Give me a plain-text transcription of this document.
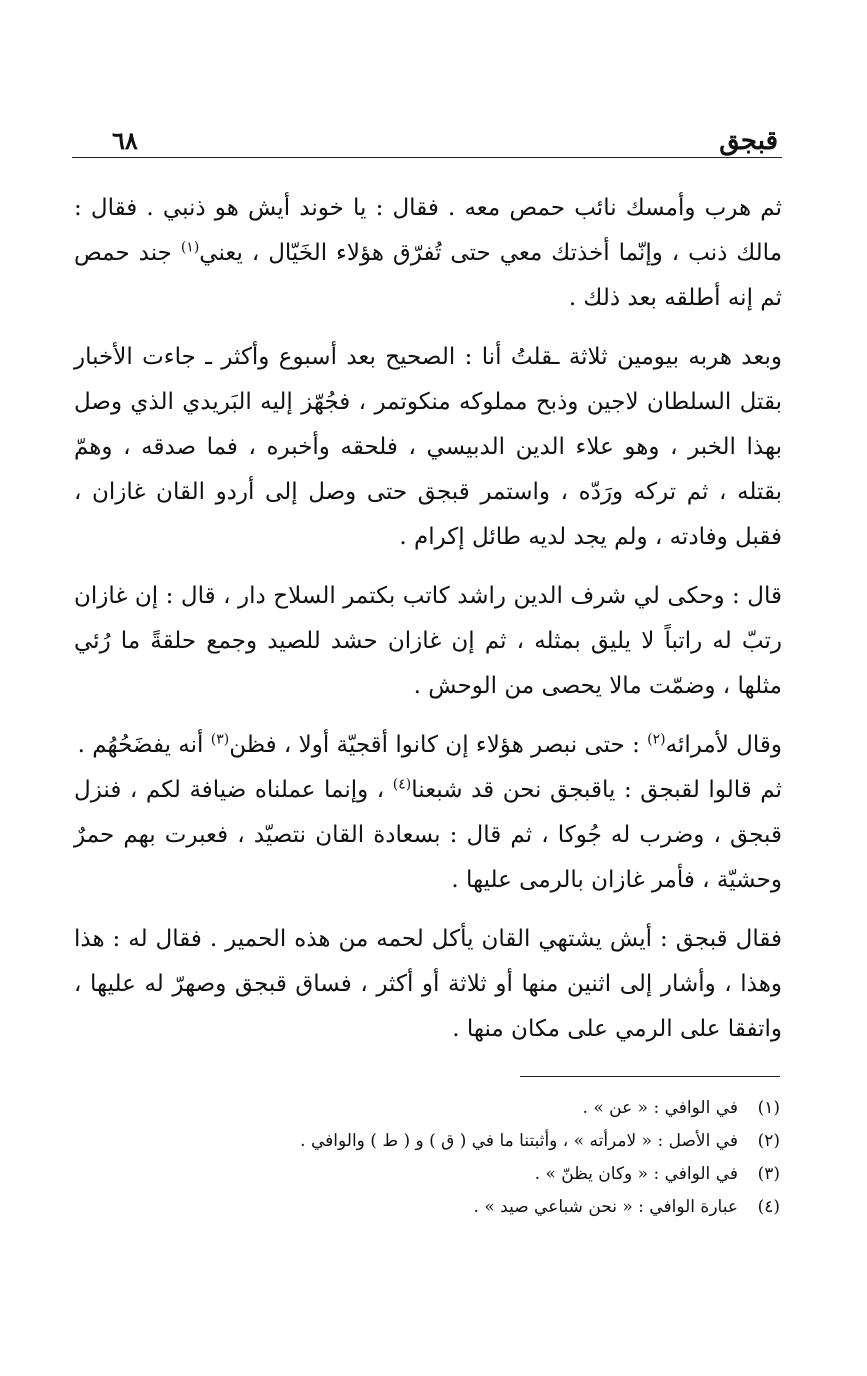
قبجق
٦٨

ثم هرب وأمسك نائب حمص معه . فقال : يا خوند أيش هو ذنبي . فقال : مالك ذنب ، وإنّما أخذتك معي حتى تُفرّق هؤلاء الخَيّال ، يعني$^{(١)}$ جند حمص ثم إنه أطلقه بعد ذلك .

وبعد هربه بيومين ثلاثة ـقلتُ أنا : الصحيح بعد أسبوع وأكثر ـ جاءت الأخبار بقتل السلطان لاجين وذبح مملوكه منكوتمر ، فجُهّز إليه البَريدي الذي وصل بهذا الخبر ، وهو علاء الدين الدبيسي ، فلحقه وأخبره ، فما صدقه ، وهمّ بقتله ، ثم تركه ورَدّه ، واستمر قبجق حتى وصل إلى أردو القان غازان ، فقبل وفادته ، ولم يجد لديه طائل إكرام .

قال : وحكى لي شرف الدين راشد كاتب بكتمر السلاح دار ، قال : إن غازان رتبّ له راتباً لا يليق بمثله ، ثم إن غازان حشد للصيد وجمع حلقةً ما رُئي مثلها ، وضمّت مالا يحصى من الوحش .

وقال لأمرائه$^{(٢)}$ : حتى نبصر هؤلاء إن كانوا أقجيّة أولا ، فظن$^{(٣)}$ أنه يفضَحُهُم .

ثم قالوا لقبجق : ياقبجق نحن قد شبعنا$^{(٤)}$ ، وإنما عملناه ضيافة لكم ، فنزل قبجق ، وضرب له جُوكا ، ثم قال : بسعادة القان نتصيّد ، فعبرت بهم حمرٌ وحشيّة ، فأمر غازان بالرمى عليها .

فقال قبجق : أيش يشتهي القان يأكل لحمه من هذه الحمير . فقال له : هذا وهذا ، وأشار إلى اثنين منها أو ثلاثة أو أكثر ، فساق قبجق وصهرّ له عليها ، واتفقا على الرمي على مكان منها .

(١)
في الوافي : « عن » .
(٢)
في الأصل : « لامرأته » ، وأثبتنا ما في ( ق ) و ( ط ) والوافي .
(٣)
في الوافي : « وكان يظنّ » .
(٤)
عبارة الوافي : « نحن شباعي صيد » .
